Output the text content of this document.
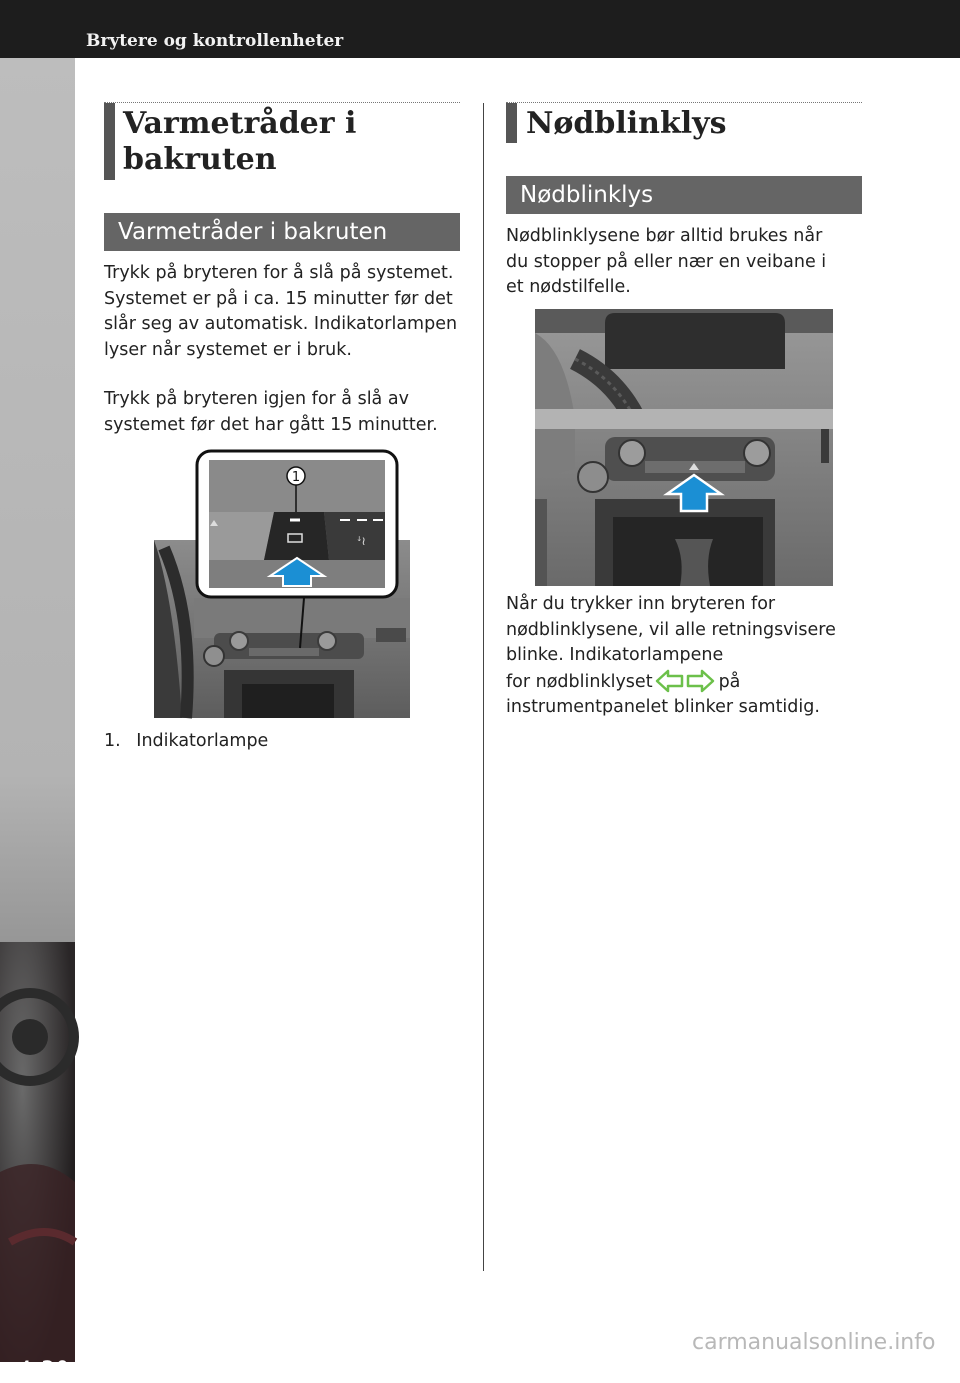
Brytere og kontrollenheter
4-30
Varmetråder i
bakruten
Varmetråder i bakruten
Trykk på bryteren for å slå på systemet.
Systemet er på i ca. 15 minutter før det
slår seg av automatisk. Indikatorlampen
lyser når systemet er i bruk.
Trykk på bryteren igjen for å slå av
systemet før det har gått 15 minutter.
ꜜ≀
1
1. Indikatorlampe
Nødblinklys
Nødblinklys
Nødblinklysene bør alltid brukes når
du stopper på eller nær en veibane i
et nødstilfelle.
Når du trykker inn bryteren for
nødblinklysene, vil alle retningsvisere
blinke. Indikatorlampene
for nødblinklyset	på
instrumentpanelet blinker samtidig.
carmanualsonline.info
